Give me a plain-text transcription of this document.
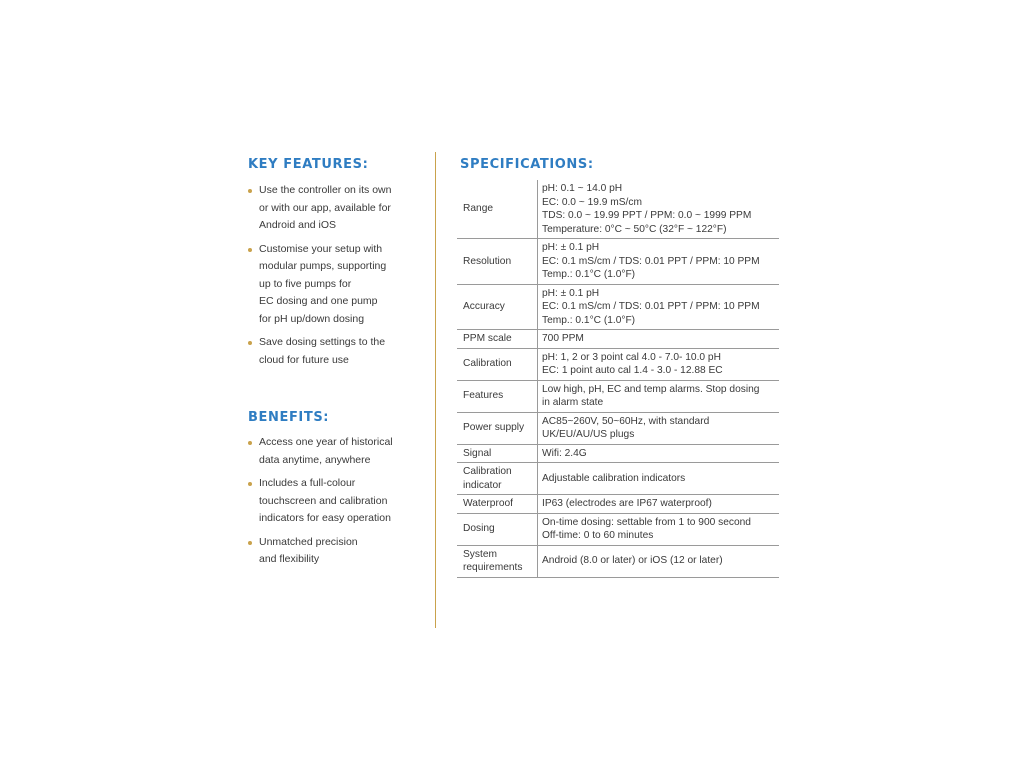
KEY FEATURES:
Use the controller on its own
or with our app, available for
Android and iOS
Customise your setup with
modular pumps, supporting
up to five pumps for
EC dosing and one pump
for pH up/down dosing
Save dosing settings to the
cloud for future use
BENEFITS:
Access one year of historical
data anytime, anywhere
Includes a full-colour
touchscreen and calibration
indicators for easy operation
Unmatched precision
and flexibility
SPECIFICATIONS:
Range	pH: 0.1 ~ 14.0 pH
EC: 0.0 ~ 19.9 mS/cm
TDS: 0.0 ~ 19.99 PPT / PPM: 0.0 ~ 1999 PPM
Temperature: 0°C ~ 50°C (32°F ~ 122°F)

Resolution	pH: ± 0.1 pH
EC: 0.1 mS/cm / TDS: 0.01 PPT / PPM: 10 PPM
Temp.: 0.1°C (1.0°F)

Accuracy	pH: ± 0.1 pH
EC: 0.1 mS/cm / TDS: 0.01 PPT / PPM: 10 PPM
Temp.: 0.1°C (1.0°F)

PPM scale	700 PPM

Calibration	pH: 1, 2 or 3 point cal 4.0 - 7.0- 10.0 pH
EC: 1 point auto cal 1.4 - 3.0 - 12.88 EC

Features	Low high, pH, EC and temp alarms. Stop dosing
in alarm state

Power supply	AC85~260V, 50~60Hz, with standard
UK/EU/AU/US plugs

Signal	Wifi: 2.4G

Calibration
indicator	Adjustable calibration indicators

Waterproof	IP63 (electrodes are IP67 waterproof)

Dosing	On-time dosing: settable from 1 to 900 second
Off-time: 0 to 60 minutes

System
requirements	Android (8.0 or later) or iOS (12 or later)
